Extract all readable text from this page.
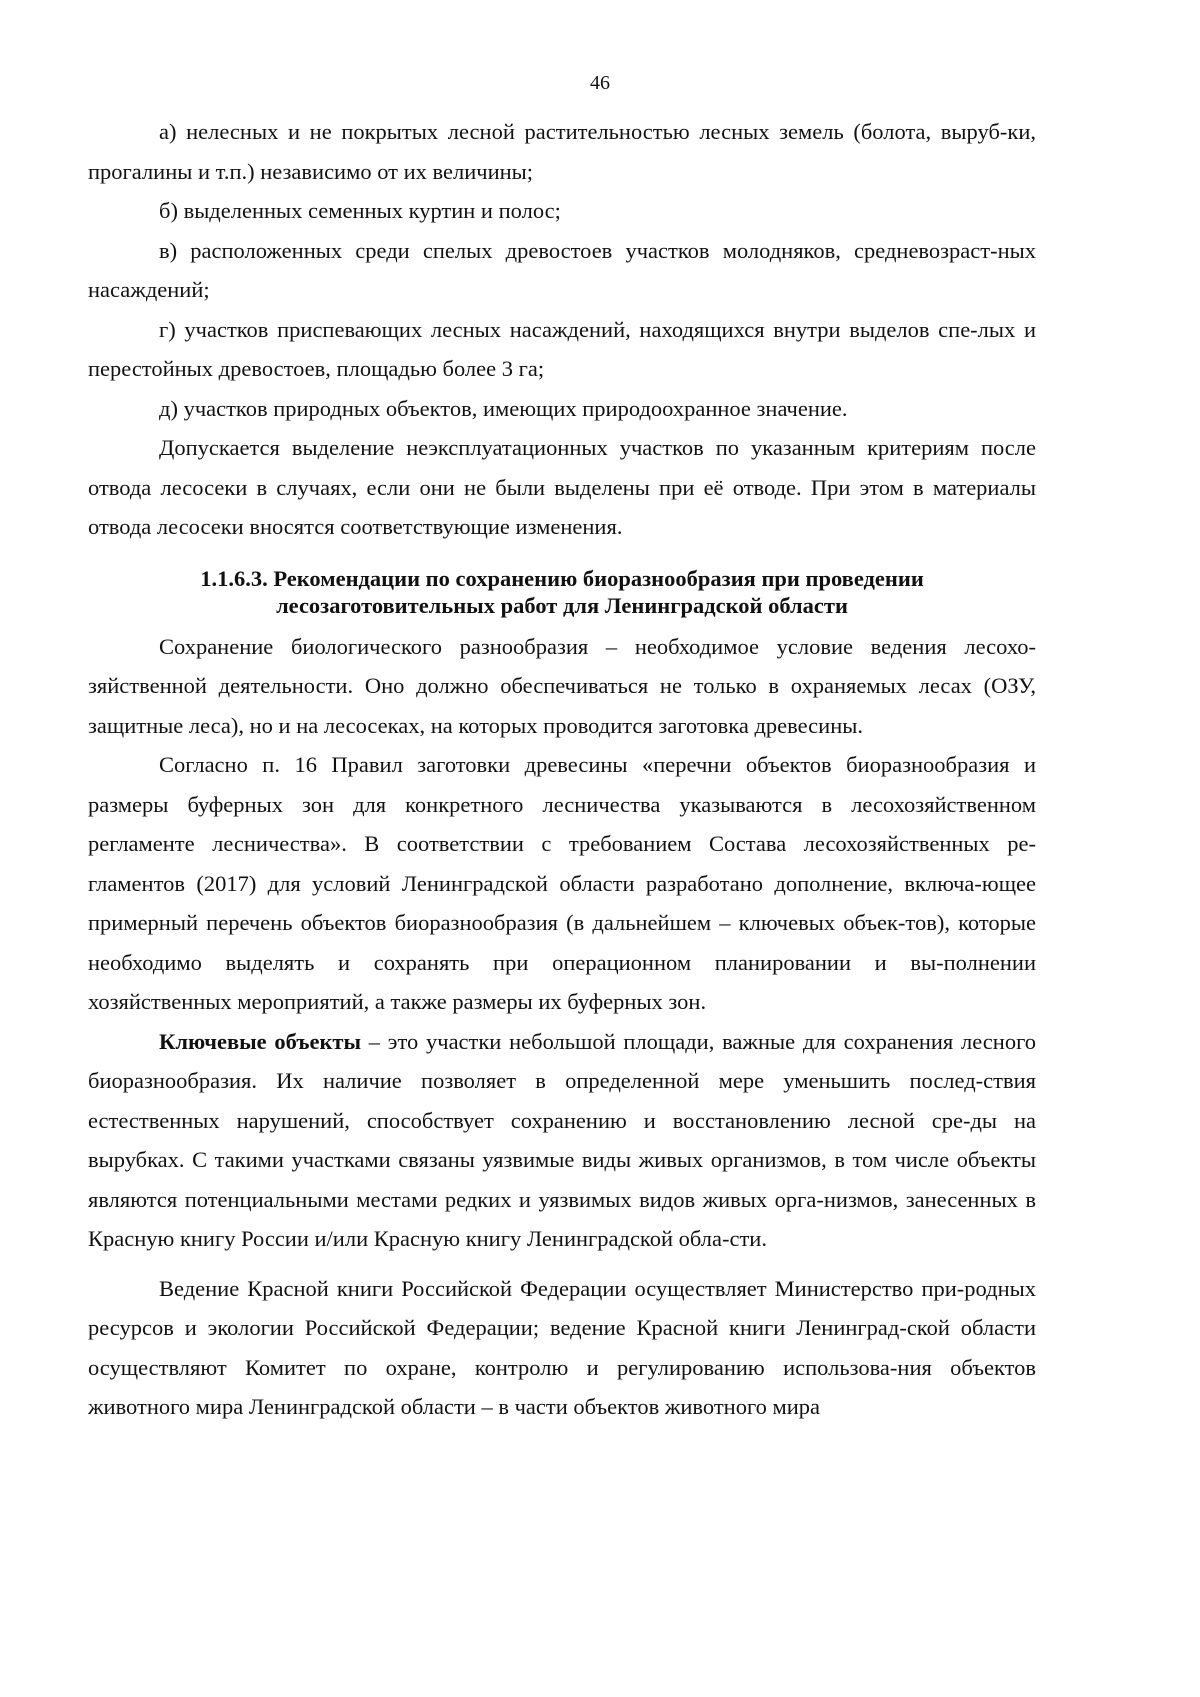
46

а) нелесных и не покрытых лесной растительностью лесных земель (болота, выруб-ки, прогалины и т.п.) независимо от их величины;

б) выделенных семенных куртин и полос;

в) расположенных среди спелых древостоев участков молодняков, средневозраст-ных насаждений;

г) участков приспевающих лесных насаждений, находящихся внутри выделов спе-лых и перестойных древостоев, площадью более 3 га;

д) участков природных объектов, имеющих природоохранное значение.

Допускается выделение неэксплуатационных участков по указанным критериям после отвода лесосеки в случаях, если они не были выделены при её отводе. При этом в материалы отвода лесосеки вносятся соответствующие изменения.

1.1.6.3. Рекомендации по сохранению биоразнообразия при проведении
лесозаготовительных работ для Ленинградской области

Сохранение биологического разнообразия – необходимое условие ведения лесохо-зяйственной деятельности. Оно должно обеспечиваться не только в охраняемых лесах (ОЗУ, защитные леса), но и на лесосеках, на которых проводится заготовка древесины.

Согласно п. 16 Правил заготовки древесины «перечни объектов биоразнообразия и размеры буферных зон для конкретного лесничества указываются в лесохозяйственном регламенте лесничества». В соответствии с требованием Состава лесохозяйственных ре-гламентов (2017) для условий Ленинградской области разработано дополнение, включа-ющее примерный перечень объектов биоразнообразия (в дальнейшем – ключевых объек-тов), которые необходимо выделять и сохранять при операционном планировании и вы-полнении хозяйственных мероприятий, а также размеры их буферных зон.

Ключевые объекты – это участки небольшой площади, важные для сохранения лесного биоразнообразия. Их наличие позволяет в определенной мере уменьшить послед-ствия естественных нарушений, способствует сохранению и восстановлению лесной сре-ды на вырубках. С такими участками связаны уязвимые виды живых организмов, в том числе объекты являются потенциальными местами редких и уязвимых видов живых орга-низмов, занесенных в Красную книгу России и/или Красную книгу Ленинградской обла-сти.

Ведение Красной книги Российской Федерации осуществляет Министерство при-родных ресурсов и экологии Российской Федерации; ведение Красной книги Ленинград-ской области осуществляют Комитет по охране, контролю и регулированию использова-ния объектов животного мира Ленинградской области – в части объектов животного мира
